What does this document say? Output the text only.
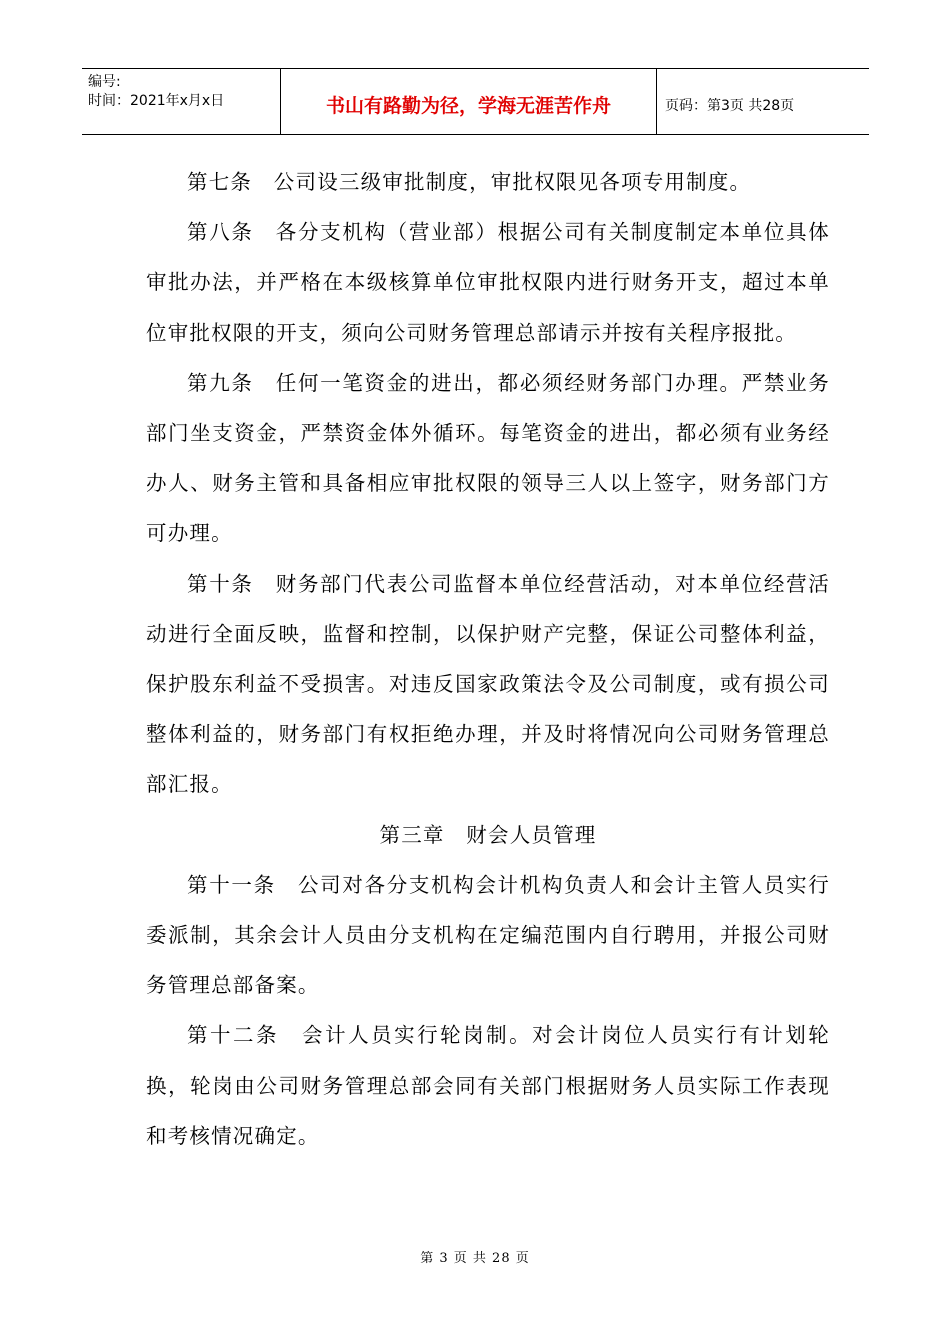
编号:
时间：2021年x月x日	书山有路勤为径，学海无涯苦作舟	页码：第3页 共28页

第七条　公司设三级审批制度，审批权限见各项专用制度。

第八条　各分支机构（营业部）根据公司有关制度制定本单位具体审批办法，并严格在本级核算单位审批权限内进行财务开支，超过本单位审批权限的开支，须向公司财务管理总部请示并按有关程序报批。

第九条　任何一笔资金的进出，都必须经财务部门办理。严禁业务部门坐支资金，严禁资金体外循环。每笔资金的进出，都必须有业务经办人、财务主管和具备相应审批权限的领导三人以上签字，财务部门方可办理。

第十条　财务部门代表公司监督本单位经营活动，对本单位经营活动进行全面反映，监督和控制，以保护财产完整，保证公司整体利益，保护股东利益不受损害。对违反国家政策法令及公司制度，或有损公司整体利益的，财务部门有权拒绝办理，并及时将情况向公司财务管理总部汇报。

第三章　财会人员管理

第十一条　公司对各分支机构会计机构负责人和会计主管人员实行委派制，其余会计人员由分支机构在定编范围内自行聘用，并报公司财务管理总部备案。

第十二条　会计人员实行轮岗制。对会计岗位人员实行有计划轮换，轮岗由公司财务管理总部会同有关部门根据财务人员实际工作表现和考核情况确定。

第 3 页 共 28 页
